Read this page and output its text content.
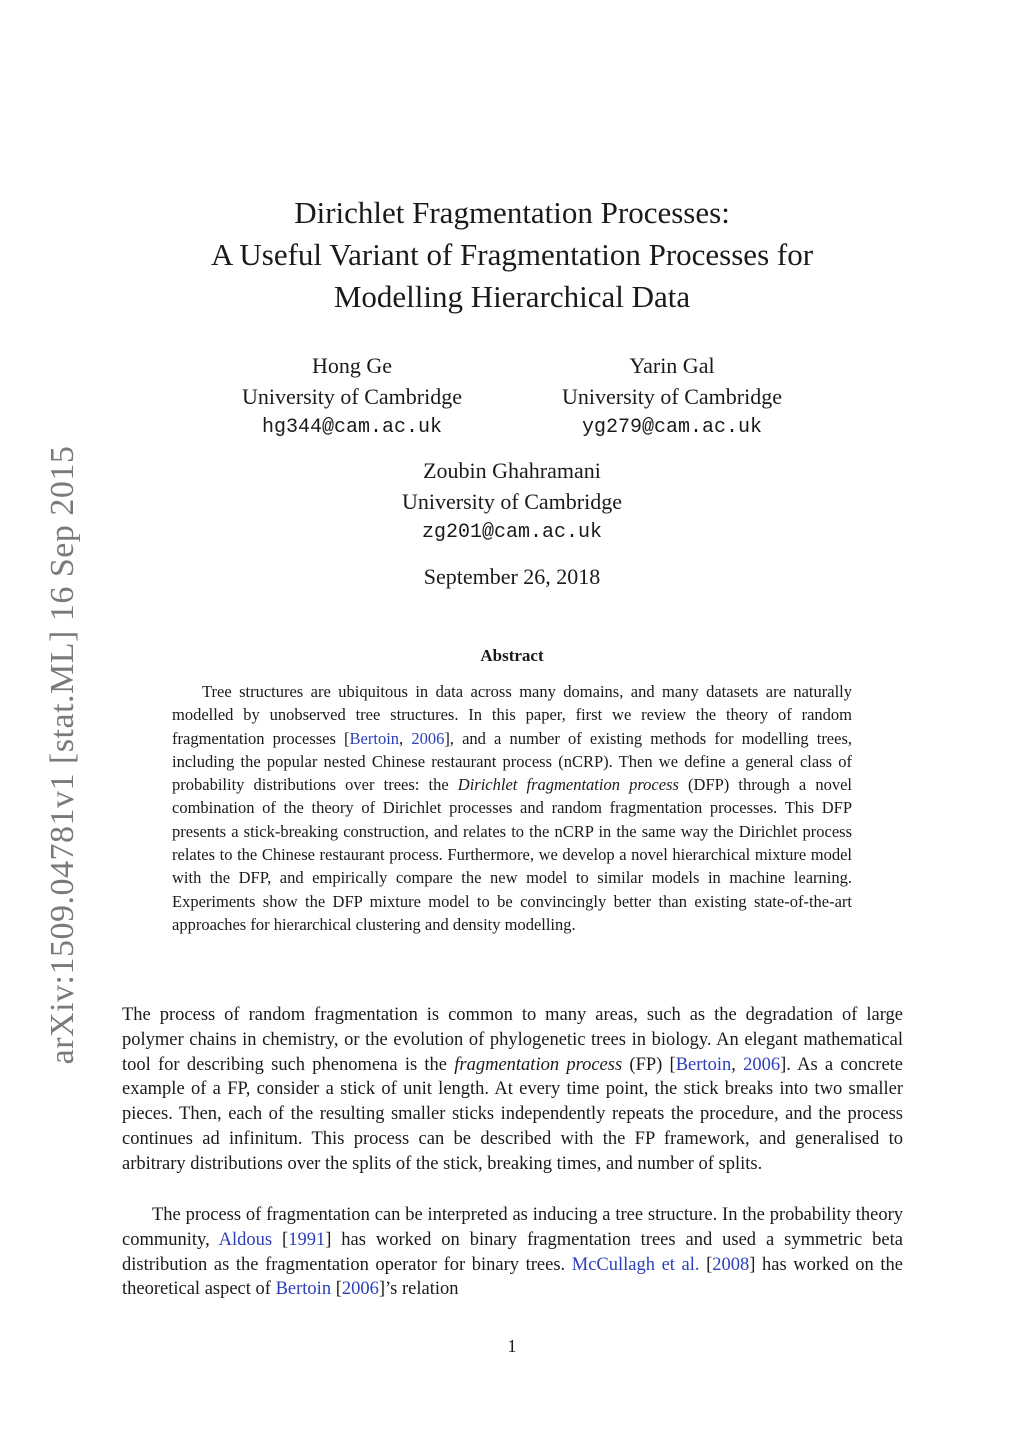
arXiv:1509.04781v1 [stat.ML] 16 Sep 2015
Dirichlet Fragmentation Processes:
A Useful Variant of Fragmentation Processes for
Modelling Hierarchical Data
Hong Ge
University of Cambridge
hg344@cam.ac.uk
Yarin Gal
University of Cambridge
yg279@cam.ac.uk
Zoubin Ghahramani
University of Cambridge
zg201@cam.ac.uk
September 26, 2018
Abstract
Tree structures are ubiquitous in data across many domains, and many datasets are naturally modelled by unobserved tree structures. In this paper, first we review the theory of random fragmentation processes [Bertoin, 2006], and a number of existing methods for modelling trees, including the popular nested Chinese restaurant process (nCRP). Then we define a general class of probability distributions over trees: the Dirichlet fragmentation process (DFP) through a novel combination of the theory of Dirichlet processes and random fragmentation processes. This DFP presents a stick-breaking construction, and relates to the nCRP in the same way the Dirichlet process relates to the Chinese restaurant process. Furthermore, we develop a novel hierarchical mixture model with the DFP, and empirically compare the new model to similar models in machine learning. Experiments show the DFP mixture model to be convincingly better than existing state-of-the-art approaches for hierarchical clustering and density modelling.
The process of random fragmentation is common to many areas, such as the degradation of large polymer chains in chemistry, or the evolution of phylogenetic trees in biology. An elegant mathematical tool for describing such phenomena is the fragmentation process (FP) [Bertoin, 2006]. As a concrete example of a FP, consider a stick of unit length. At every time point, the stick breaks into two smaller pieces. Then, each of the resulting smaller sticks independently repeats the procedure, and the process continues ad infinitum. This process can be described with the FP framework, and generalised to arbitrary distributions over the splits of the stick, breaking times, and number of splits.
The process of fragmentation can be interpreted as inducing a tree structure. In the probability theory community, Aldous [1991] has worked on binary fragmentation trees and used a symmetric beta distribution as the fragmentation operator for binary trees. McCullagh et al. [2008] has worked on the theoretical aspect of Bertoin [2006]’s relation
1
